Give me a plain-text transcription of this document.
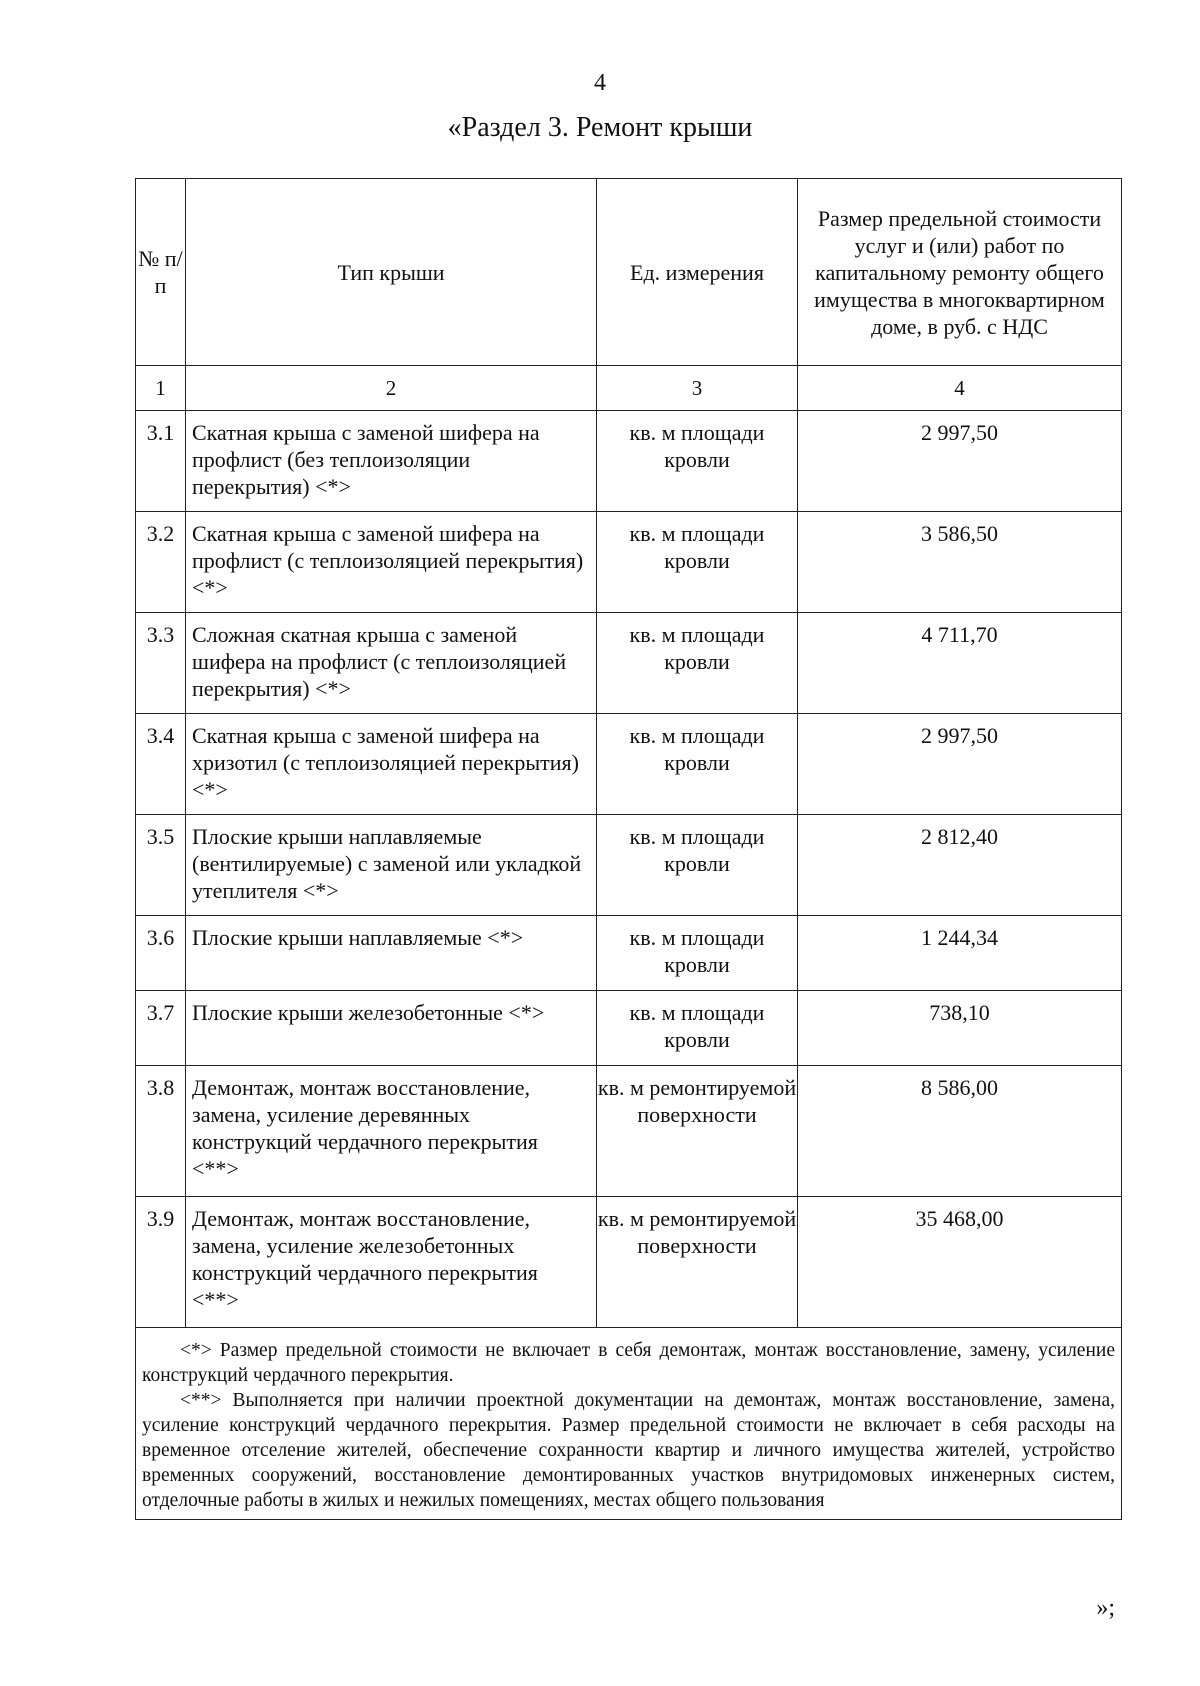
4
«Раздел 3. Ремонт крыши
№ п/п	Тип крыши	Ед. измерения	Размер предельной стоимости услуг и (или) работ по капитальному ремонту общего имущества в многоквартирном доме, в руб. с НДС
1	2	3	4
3.1	Скатная крыша с заменой шифера на профлист (без теплоизоляции перекрытия) <*>	кв. м площади кровли	2 997,50
3.2	Скатная крыша с заменой шифера на профлист (с теплоизоляцией перекрытия) <*>	кв. м площади кровли	3 586,50
3.3	Сложная скатная крыша с заменой шифера на профлист (с теплоизоляцией перекрытия) <*>	кв. м площади кровли	4 711,70
3.4	Скатная крыша с заменой шифера на хризотил (с теплоизоляцией перекрытия) <*>	кв. м площади кровли	2 997,50
3.5	Плоские крыши наплавляемые (вентилируемые) с заменой или укладкой утеплителя <*>	кв. м площади кровли	2 812,40
3.6	Плоские крыши наплавляемые <*>	кв. м площади кровли	1 244,34
3.7	Плоские крыши железобетонные <*>	кв. м площади кровли	738,10
3.8	Демонтаж, монтаж восстановление, замена, усиление деревянных конструкций чердачного перекрытия <**>	кв. м ремонтируемой поверхности	8 586,00
3.9	Демонтаж, монтаж восстановление, замена, усиление железобетонных конструкций чердачного перекрытия <**>	кв. м ремонтируемой поверхности	35 468,00

<*> Размер предельной стоимости не включает в себя демонтаж, монтаж восстановление, замену, усиление конструкций чердачного перекрытия.

<**> Выполняется при наличии проектной документации на демонтаж, монтаж восстановление, замена, усиление конструкций чердачного перекрытия. Размер предельной стоимости не включает в себя расходы на временное отселение жителей, обеспечение сохранности квартир и личного имущества жителей, устройство временных сооружений, восстановление демонтированных участков внутридомовых инженерных систем, отделочные работы в жилых и нежилых помещениях, местах общего пользования			

»;
